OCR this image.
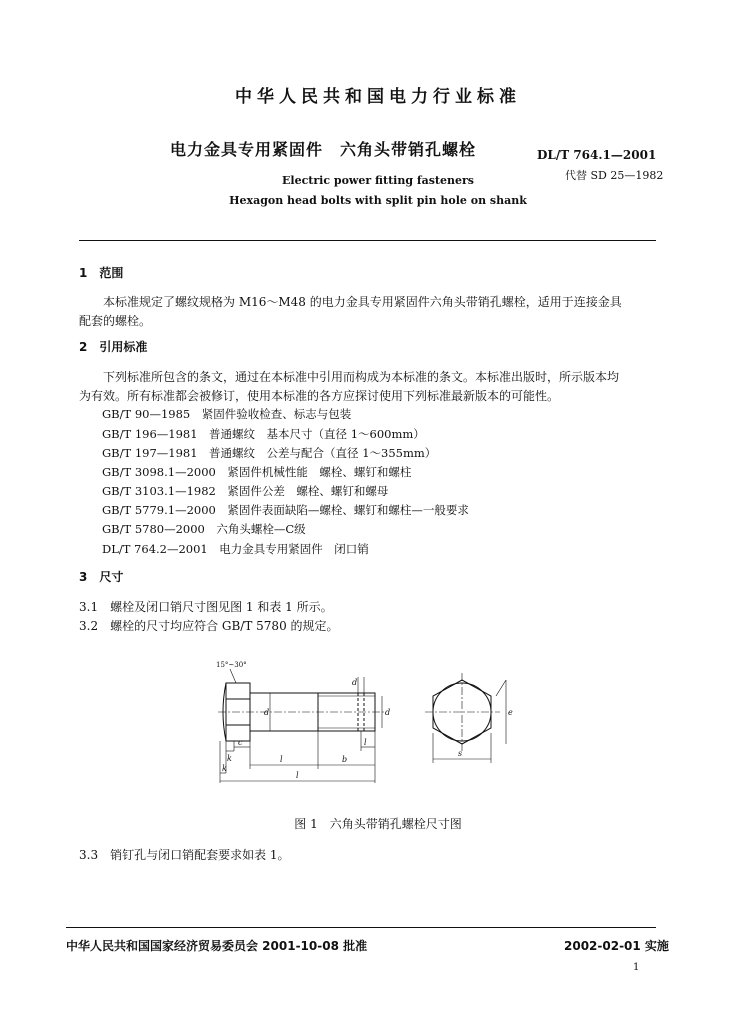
中华人民共和国电力行业标准
电力金具专用紧固件　六角头带销孔螺栓	DL/T 764.1—2001
代替 SD 25—1982
Electric power fitting fasteners
Hexagon head bolts with split pin hole on shank
1　范围
本标准规定了螺纹规格为 M16～M48 的电力金具专用紧固件六角头带销孔螺栓，适用于连接金具
配套的螺栓。
2　引用标准
下列标准所包含的条文，通过在本标准中引用而构成为本标准的条文。本标准出版时，所示版本均
为有效。所有标准都会被修订，使用本标准的各方应探讨使用下列标准最新版本的可能性。
GB/T 90—1985　紧固件验收检查、标志与包装
GB/T 196—1981　普通螺纹　基本尺寸（直径 1～600mm）
GB/T 197—1981　普通螺纹　公差与配合（直径 1～355mm）
GB/T 3098.1—2000　紧固件机械性能　螺栓、螺钉和螺柱
GB/T 3103.1—1982　紧固件公差　螺栓、螺钉和螺母
GB/T 5779.1—2000　紧固件表面缺陷—螺栓、螺钉和螺柱—一般要求
GB/T 5780—2000　六角头螺栓—C级
DL/T 764.2—2001　电力金具专用紧固件　闭口销
3　尺寸
3.1　螺栓及闭口销尺寸图见图 1 和表 1 所示。
3.2　螺栓的尺寸均应符合 GB/T 5780 的规定。
15°~30°
d
d
k
k
c
l	b
l
l
d
s
e
图 1　六角头带销孔螺栓尺寸图
3.3　销钉孔与闭口销配套要求如表 1。
中华人民共和国国家经济贸易委员会 2001-10-08 批准	2002-02-01 实施
1
